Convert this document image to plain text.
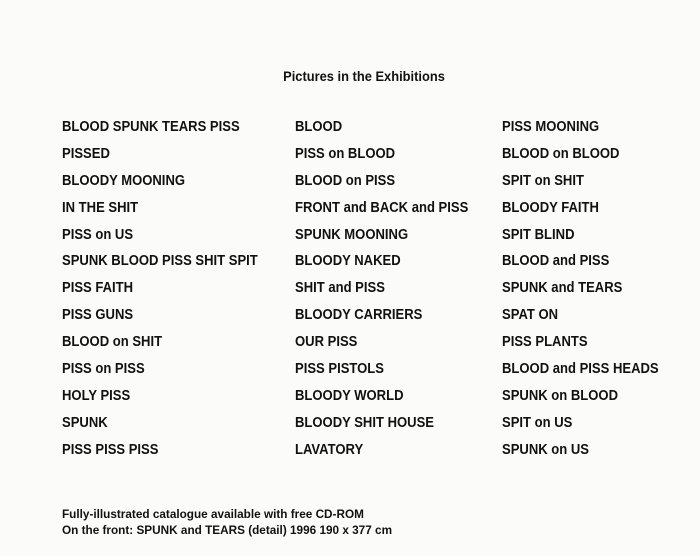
Pictures in the Exhibitions
BLOOD SPUNK TEARS PISS
PISSED
BLOODY MOONING
IN THE SHIT
PISS on US
SPUNK BLOOD PISS SHIT SPIT
PISS FAITH
PISS GUNS
BLOOD on SHIT
PISS on PISS
HOLY PISS
SPUNK
PISS PISS PISS
BLOOD
PISS on BLOOD
BLOOD on PISS
FRONT and BACK and PISS
SPUNK MOONING
BLOODY NAKED
SHIT and PISS
BLOODY CARRIERS
OUR PISS
PISS PISTOLS
BLOODY WORLD
BLOODY SHIT HOUSE
LAVATORY
PISS MOONING
BLOOD on BLOOD
SPIT on SHIT
BLOODY FAITH
SPIT BLIND
BLOOD and PISS
SPUNK and TEARS
SPAT ON
PISS PLANTS
BLOOD and PISS HEADS
SPUNK on BLOOD
SPIT on US
SPUNK on US
Fully-illustrated catalogue available with free CD-ROM
On the front: SPUNK and TEARS (detail) 1996 190 x 377 cm
